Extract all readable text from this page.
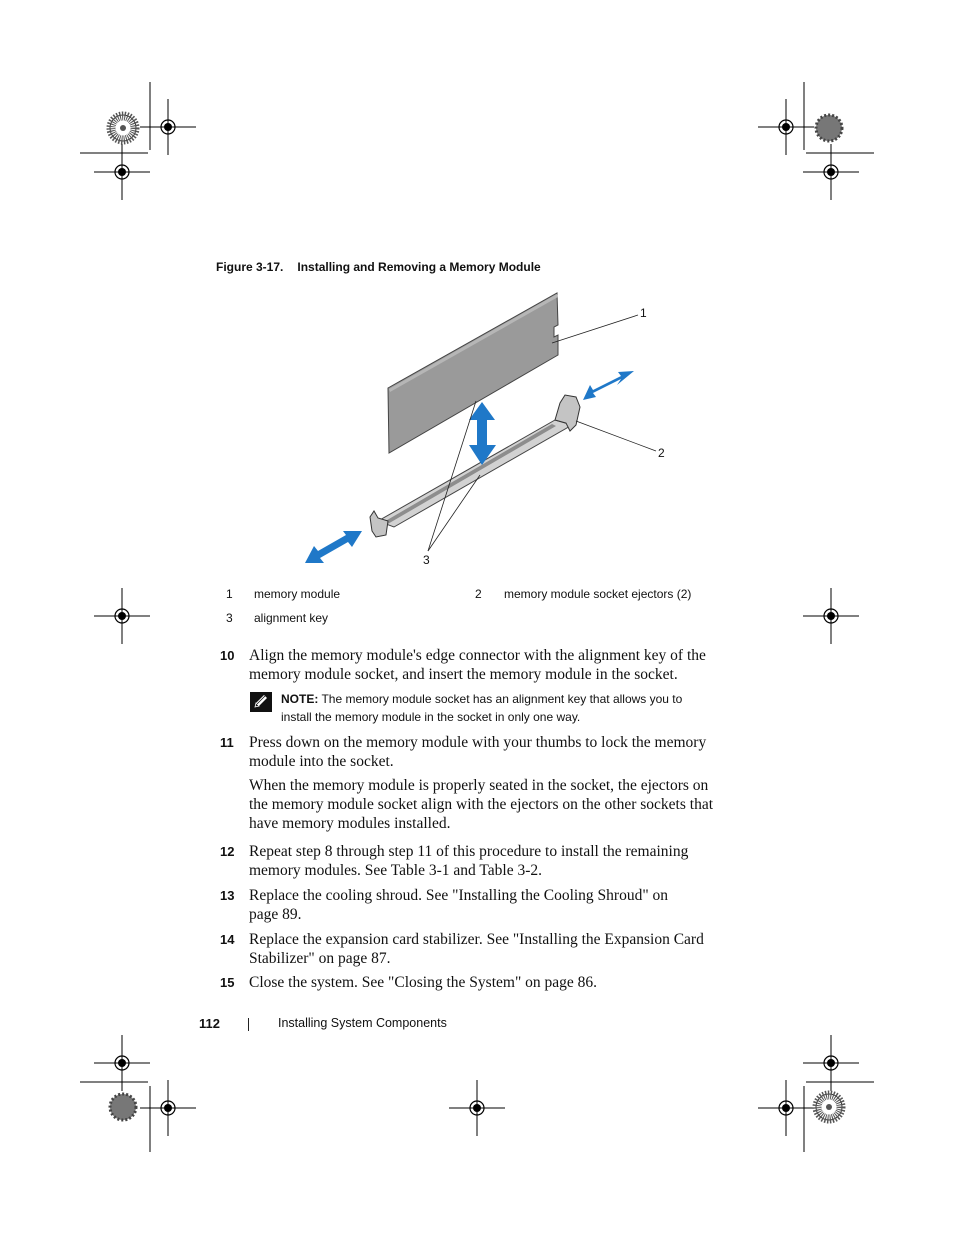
Figure 3-17. Installing and Removing a Memory Module
1
2
3
1 memory module	2 memory module socket ejectors (2)
3 alignment key
10 Align the memory module's edge connector with the alignment key of the memory module socket, and insert the memory module in the socket.
NOTE: The memory module socket has an alignment key that allows you to install the memory module in the socket in only one way.
11 Press down on the memory module with your thumbs to lock the memory module into the socket.
When the memory module is properly seated in the socket, the ejectors on the memory module socket align with the ejectors on the other sockets that have memory modules installed.
12 Repeat step 8 through step 11 of this procedure to install the remaining memory modules. See Table 3-1 and Table 3-2.
13 Replace the cooling shroud. See "Installing the Cooling Shroud" on page 89.
14 Replace the expansion card stabilizer. See "Installing the Expansion Card Stabilizer" on page 87.
15 Close the system. See "Closing the System" on page 86.
112	Installing System Components
